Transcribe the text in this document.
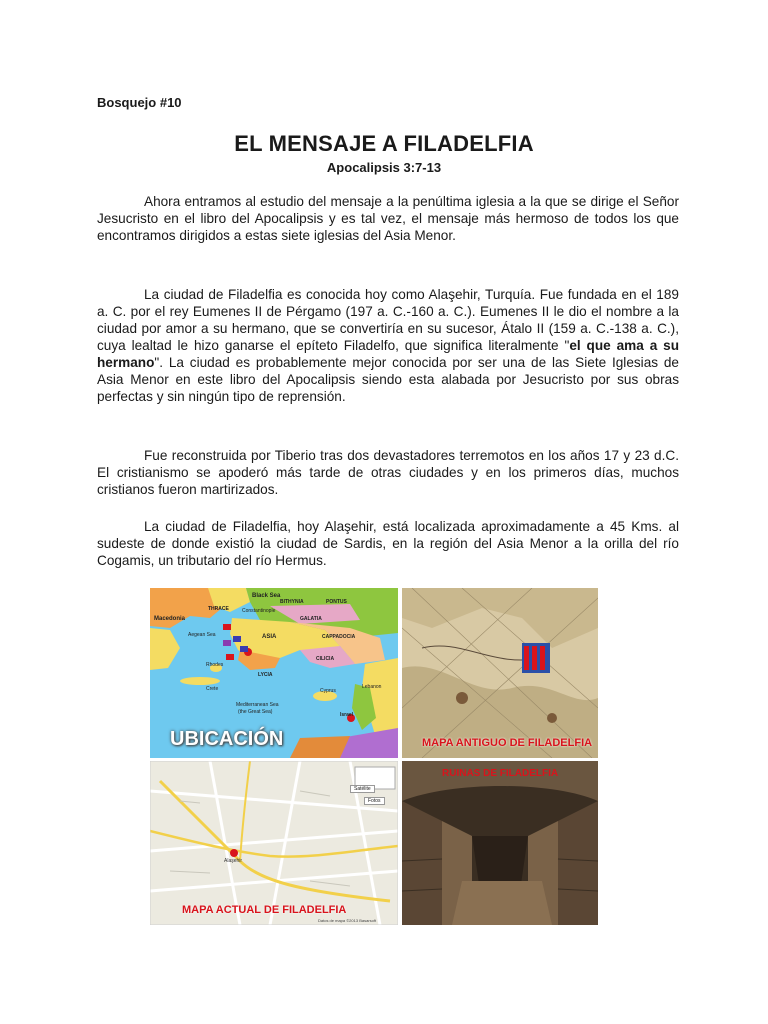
Bosquejo #10
EL MENSAJE A FILADELFIA
Apocalipsis 3:7-13

Ahora entramos al estudio del mensaje a la penúltima iglesia a la que se dirige el Señor Jesucristo en el libro del Apocalipsis y es tal vez, el mensaje más hermoso de todos los que encontramos dirigidos a estas siete iglesias del Asia Menor.

La ciudad de Filadelfia es conocida hoy como Alaşehir, Turquía. Fue fundada en el 189 a. C. por el rey Eumenes II de Pérgamo (197 a. C.-160 a. C.). Eumenes II le dio el nombre a la ciudad por amor a su hermano, que se convertiría en su sucesor, Átalo II (159 a. C.-138 a. C.), cuya lealtad le hizo ganarse el epíteto Filadelfo, que significa literalmente "el que ama a su hermano". La ciudad es probablemente mejor conocida por ser una de las Siete Iglesias de Asia Menor en este libro del Apocalipsis siendo esta alabada por Jesucristo por sus obras perfectas y sin ningún tipo de reprensión.

Fue reconstruida por Tiberio tras dos devastadores terremotos en los años 17 y 23 d.C. El cristianismo se apoderó más tarde de otras ciudades y en los primeros días, muchos cristianos fueron martirizados.

La ciudad de Filadelfia, hoy Alaşehir, está localizada aproximadamente a 45 Kms. al sudeste de donde existió la ciudad de Sardis, en la región del Asia Menor a la orilla del río Cogamis, un tributario del río Hermus.

Black Sea
BITHYNIA	PONTUS
THRACE	Constantinople
Macedonia
Aegean Sea	ASIA
GALATIA
CAPPADOCIA
CILICIA
LYCIA
Rhodes
Crete	Cyprus
Mediterranean Sea
(the Great Sea)
Lebanon
Israel
UBICACIÓN	MAPA ANTIGUO DE FILADELFIA
Satélite
Fotos
Alaşehir
MAPA ACTUAL DE FILADELFIA
Datos de mapa ©2013 Basarsoft
RUINAS DE FILADELFIA
